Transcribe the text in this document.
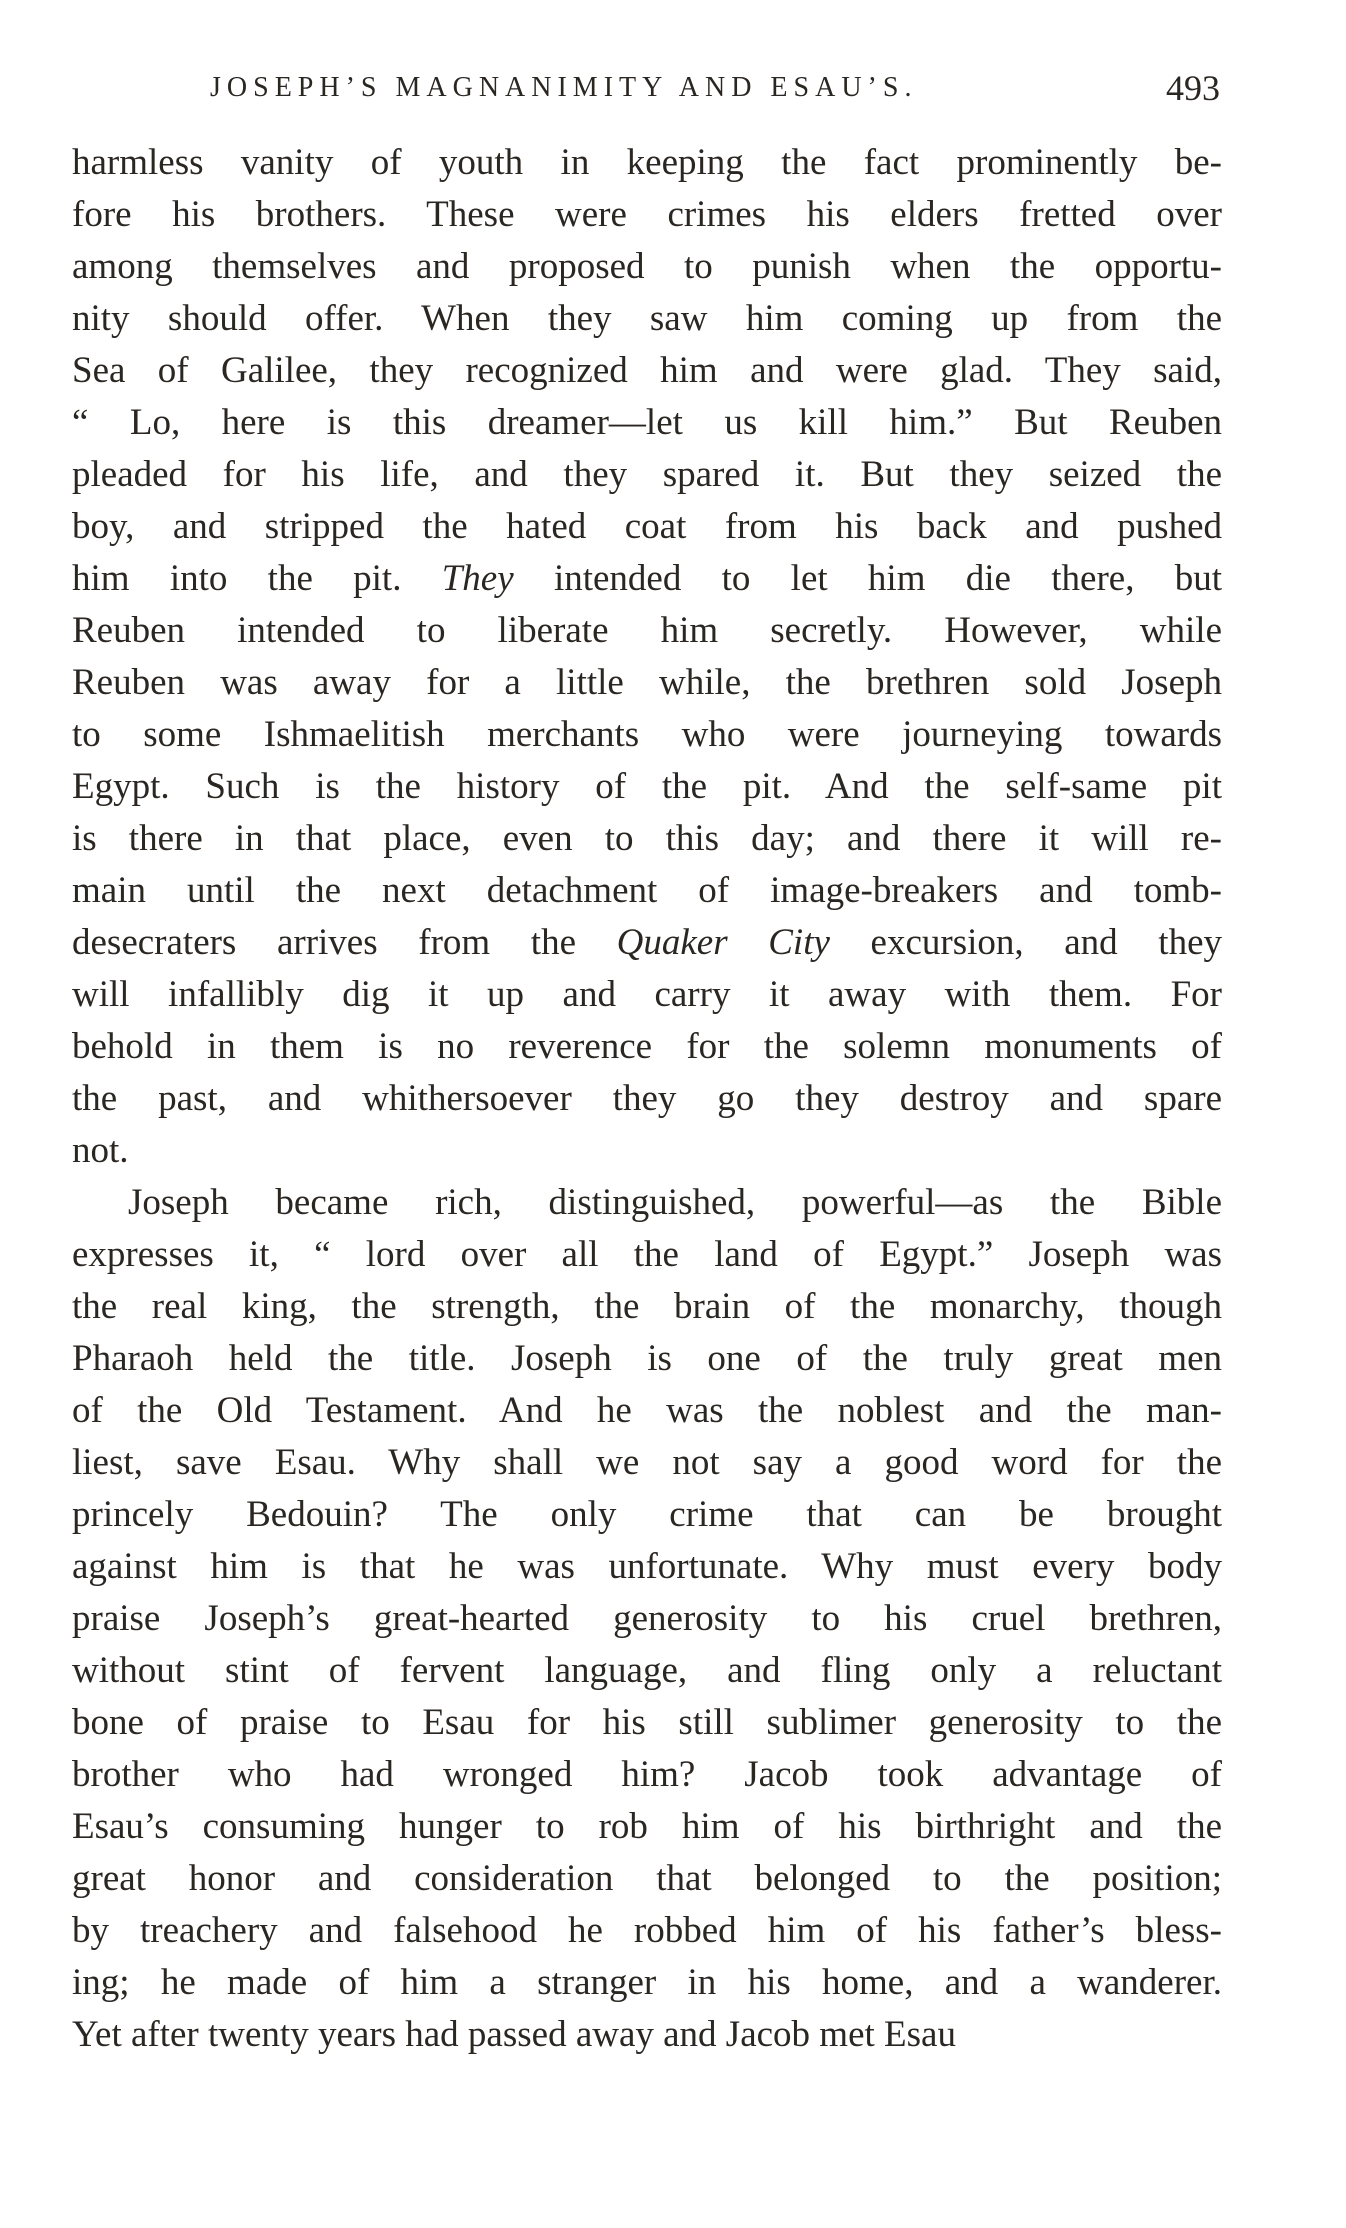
JOSEPH’S MAGNANIMITY AND ESAU’S.	493
harmless vanity of youth in keeping the fact prominently be-
fore his brothers. These were crimes his elders fretted over
among themselves and proposed to punish when the opportu-
nity should offer. When they saw him coming up from the
Sea of Galilee, they recognized him and were glad. They said,
“ Lo, here is this dreamer—let us kill him.” But Reuben
pleaded for his life, and they spared it. But they seized the
boy, and stripped the hated coat from his back and pushed
him into the pit. They intended to let him die there, but
Reuben intended to liberate him secretly. However, while
Reuben was away for a little while, the brethren sold Joseph
to some Ishmaelitish merchants who were journeying towards
Egypt. Such is the history of the pit. And the self-same pit
is there in that place, even to this day; and there it will re-
main until the next detachment of image-breakers and tomb-
desecraters arrives from the Quaker City excursion, and they
will infallibly dig it up and carry it away with them. For
behold in them is no reverence for the solemn monuments of
the past, and whithersoever they go they destroy and spare
not.
Joseph became rich, distinguished, powerful—as the Bible
expresses it, “ lord over all the land of Egypt.” Joseph was
the real king, the strength, the brain of the monarchy, though
Pharaoh held the title. Joseph is one of the truly great men
of the Old Testament. And he was the noblest and the man-
liest, save Esau. Why shall we not say a good word for the
princely Bedouin? The only crime that can be brought
against him is that he was unfortunate. Why must every body
praise Joseph’s great-hearted generosity to his cruel brethren,
without stint of fervent language, and fling only a reluctant
bone of praise to Esau for his still sublimer generosity to the
brother who had wronged him? Jacob took advantage of
Esau’s consuming hunger to rob him of his birthright and the
great honor and consideration that belonged to the position;
by treachery and falsehood he robbed him of his father’s bless-
ing; he made of him a stranger in his home, and a wanderer.
Yet after twenty years had passed away and Jacob met Esau
